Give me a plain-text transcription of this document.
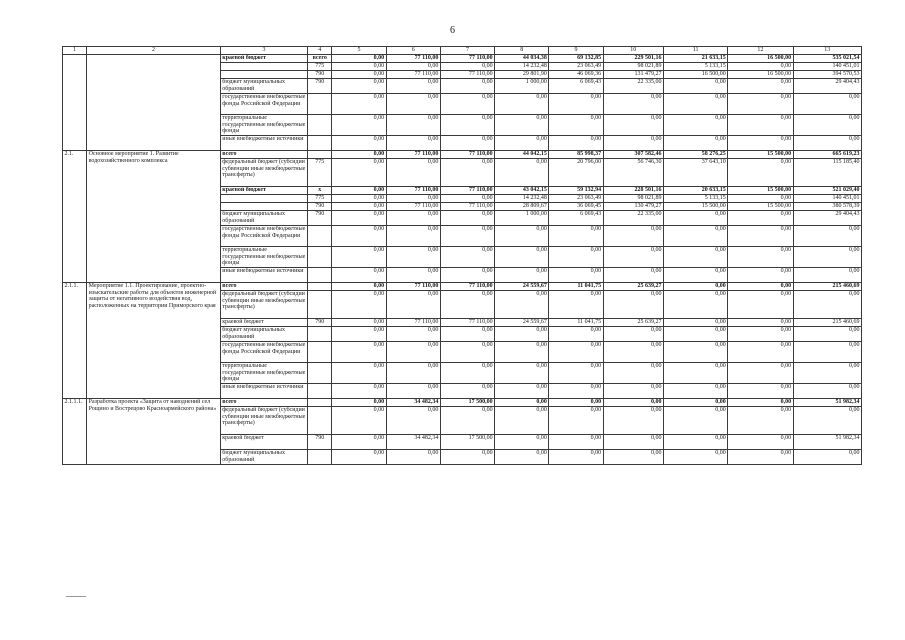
6
1	2	3	4	5	6	7	8	9	10	11	12	13
		краевой бюджет	всего	0,00	77 110,00	77 110,00	44 034,38	69 132,85	229 501,16	21 633,15	16 500,00	535 021,54
			775	0,00	0,00	0,00	14 232,48	23 063,49	98 021,89	5 133,15	0,00	140 451,01
			790	0,00	77 110,00	77 110,00	29 801,90	46 069,36	131 479,27	16 500,00	16 500,00	394 570,53
		бюджет муниципальных образований	790	0,00	0,00	0,00	1 000,00	6 069,43	22 335,00	0,00	0,00	29 404,43
		государственные внебюджетные фонды Российской Федерации		0,00	0,00	0,00	0,00	0,00	0,00	0,00	0,00	0,00
		территориальные государственные внебюджетные фонды		0,00	0,00	0,00	0,00	0,00	0,00	0,00	0,00	0,00
		иные внебюджетные источники		0,00	0,00	0,00	0,00	0,00	0,00	0,00	0,00	0,00
2.1.	Основное мероприятие 1. Развитие водохозяйственного комплекса	всего		0,00	77 110,00	77 110,00	44 042,15	85 998,37	307 582,46	58 276,25	15 500,00	665 619,23
		федеральный бюджет (субсидии субвенции иные межбюджетные трансферты)	775	0,00	0,00	0,00	0,00	20 796,00	56 746,30	37 643,10	0,00	115 185,40
		краевой бюджет	x	0,00	77 110,00	77 110,00	43 042,15	59 132,94	228 501,16	20 633,15	15 500,00	521 029,40
			775	0,00	0,00	0,00	14 232,48	23 063,49	98 021,89	5 133,15	0,00	140 451,01
			790	0,00	77 110,00	77 110,00	28 809,67	36 069,45	130 479,27	15 500,00	15 500,00	380 578,39
		бюджет муниципальных образований	790	0,00	0,00	0,00	1 000,00	6 069,43	22 335,00	0,00	0,00	29 404,43
		государственные внебюджетные фонды Российской Федерации		0,00	0,00	0,00	0,00	0,00	0,00	0,00	0,00	0,00
		территориальные государственные внебюджетные фонды		0,00	0,00	0,00	0,00	0,00	0,00	0,00	0,00	0,00
		иные внебюджетные источники		0,00	0,00	0,00	0,00	0,00	0,00	0,00	0,00	0,00
2.1.1.	Мероприятие 1.1. Проектирование, проектно-изыскательские работы для объектов инженерной защиты от негативного воздействия вод, расположенных на территории Приморского края	всего		0,00	77 110,00	77 110,00	24 559,67	11 041,75	25 639,27	0,00	0,00	215 460,69
		федеральный бюджет (субсидии субвенции иные межбюджетные трансферты)		0,00	0,00	0,00	0,00	0,00	0,00	0,00	0,00	0,00
		краевой бюджет	790	0,00	77 110,00	77 110,00	24 559,67	11 041,75	25 639,27	0,00	0,00	215 460,69
		бюджет муниципальных образований		0,00	0,00	0,00	0,00	0,00	0,00	0,00	0,00	0,00
		государственные внебюджетные фонды Российской Федерации		0,00	0,00	0,00	0,00	0,00	0,00	0,00	0,00	0,00
		территориальные государственные внебюджетные фонды		0,00	0,00	0,00	0,00	0,00	0,00	0,00	0,00	0,00
		иные внебюджетные источники		0,00	0,00	0,00	0,00	0,00	0,00	0,00	0,00	0,00
2.1.1.1.	Разработка проекта «Защита от наводнений сел Рощино и Вострецово Красноармейского района»	всего		0,00	34 482,34	17 500,00	0,00	0,00	0,00	0,00	0,00	51 982,34
		федеральный бюджет (субсидии субвенции иные межбюджетные трансферты)		0,00	0,00	0,00	0,00	0,00	0,00	0,00	0,00	0,00
		краевой бюджет	790	0,00	34 482,34	17 500,00	0,00	0,00	0,00	0,00	0,00	51 982,34
		бюджет муниципальных образований		0,00	0,00	0,00	0,00	0,00	0,00	0,00	0,00	0,00
